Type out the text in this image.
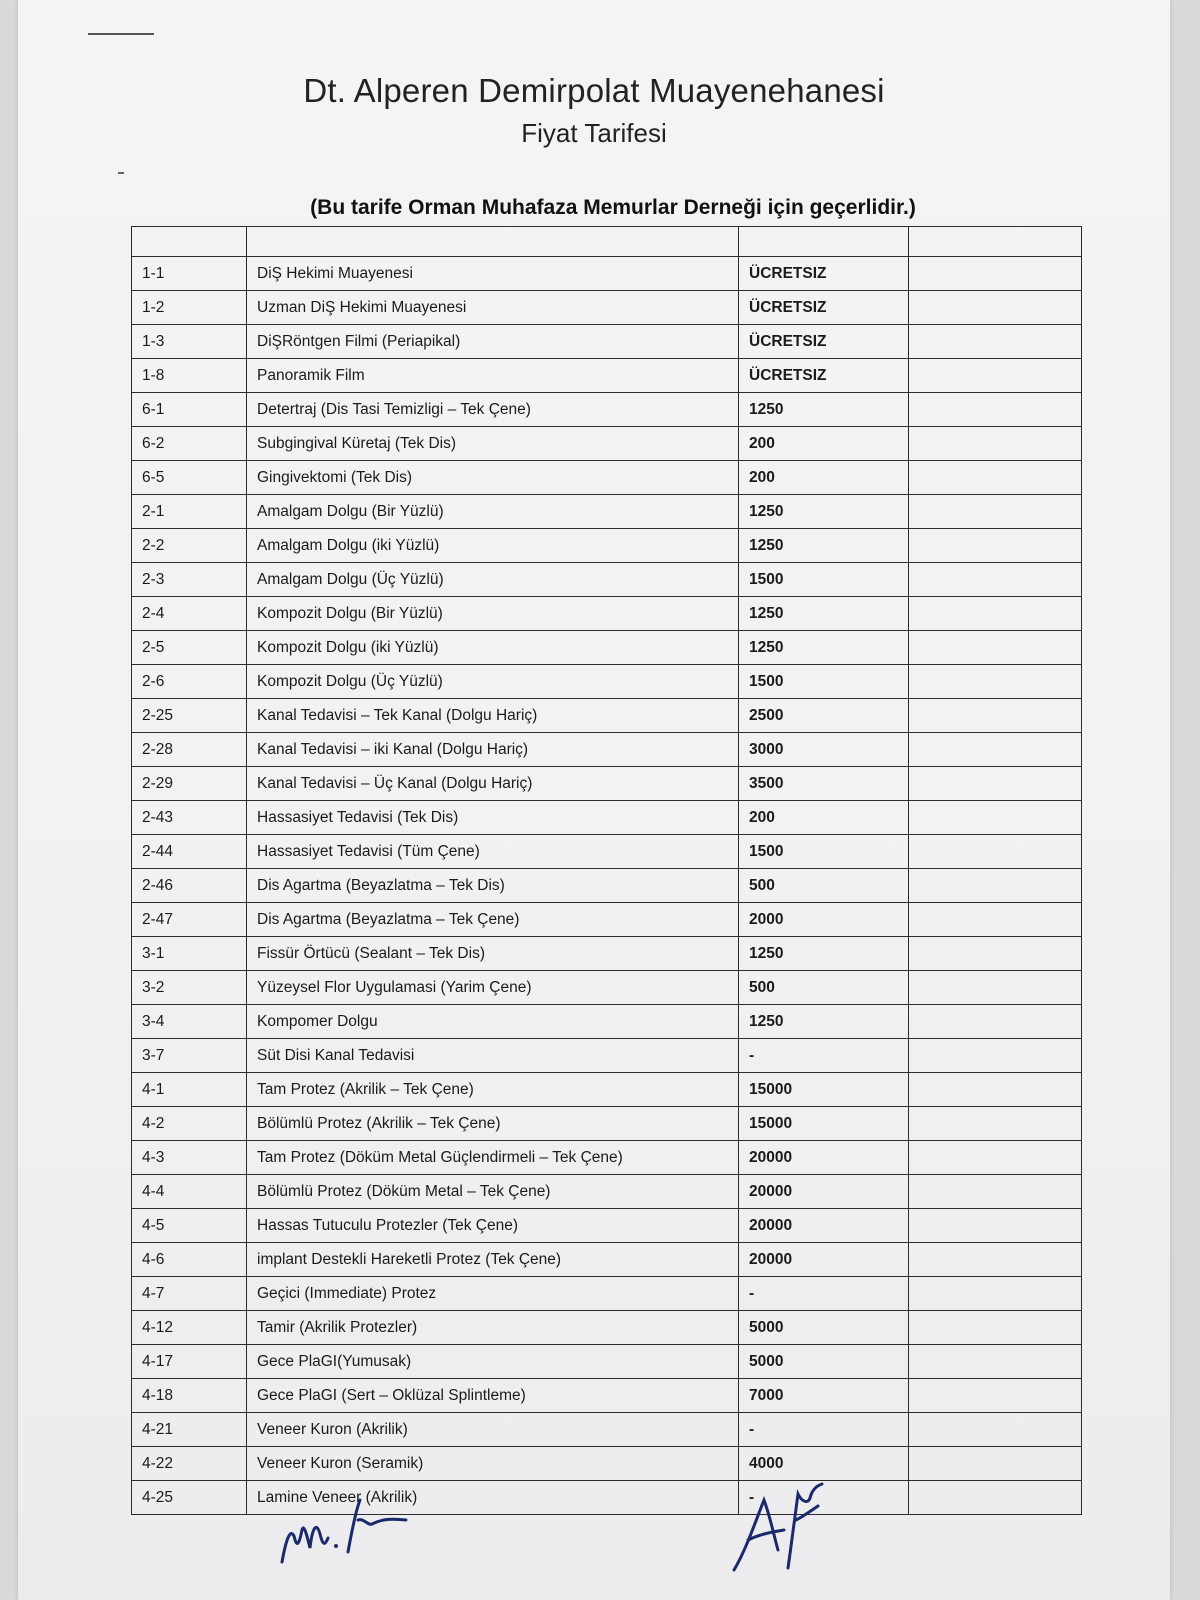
Dt. Alperen Demirpolat Muayenehanesi
Fiyat Tarifesi
(Bu tarife Orman Muhafaza Memurlar Derneği için geçerlidir.)

1-1	DiŞ Hekimi Muayenesi	ÜCRETSIZ	
1-2	Uzman DiŞ Hekimi Muayenesi	ÜCRETSIZ	
1-3	DiŞRöntgen Filmi (Periapikal)	ÜCRETSIZ	
1-8	Panoramik Film	ÜCRETSIZ	
6-1	Detertraj (Dis Tasi Temizligi – Tek Çene)	1250	
6-2	Subgingival Küretaj (Tek Dis)	200	
6-5	Gingivektomi (Tek Dis)	200	
2-1	Amalgam Dolgu (Bir Yüzlü)	1250	
2-2	Amalgam Dolgu (iki Yüzlü)	1250	
2-3	Amalgam Dolgu (Üç Yüzlü)	1500	
2-4	Kompozit Dolgu (Bir Yüzlü)	1250	
2-5	Kompozit Dolgu (iki Yüzlü)	1250	
2-6	Kompozit Dolgu (Üç Yüzlü)	1500	
2-25	Kanal Tedavisi – Tek Kanal (Dolgu Hariç)	2500	
2-28	Kanal Tedavisi – iki Kanal (Dolgu Hariç)	3000	
2-29	Kanal Tedavisi – Üç Kanal (Dolgu Hariç)	3500	
2-43	Hassasiyet Tedavisi (Tek Dis)	200	
2-44	Hassasiyet Tedavisi (Tüm Çene)	1500	
2-46	Dis Agartma (Beyazlatma – Tek Dis)	500	
2-47	Dis Agartma (Beyazlatma – Tek Çene)	2000	
3-1	Fissür Örtücü (Sealant – Tek Dis)	1250	
3-2	Yüzeysel Flor Uygulamasi (Yarim Çene)	500	
3-4	Kompomer Dolgu	1250	
3-7	Süt Disi Kanal Tedavisi	-	
4-1	Tam Protez (Akrilik – Tek Çene)	15000	
4-2	Bölümlü Protez (Akrilik – Tek Çene)	15000	
4-3	Tam Protez (Döküm Metal Güçlendirmeli – Tek Çene)	20000	
4-4	Bölümlü Protez (Döküm Metal – Tek Çene)	20000	
4-5	Hassas Tutuculu Protezler (Tek Çene)	20000	
4-6	implant Destekli Hareketli Protez (Tek Çene)	20000	
4-7	Geçici (Immediate) Protez	-	
4-12	Tamir (Akrilik Protezler)	5000	
4-17	Gece PlaGI(Yumusak)	5000	
4-18	Gece PlaGI (Sert – Oklüzal Splintleme)	7000	
4-21	Veneer Kuron (Akrilik)	-	
4-22	Veneer Kuron (Seramik)	4000	
4-25	Lamine Veneer (Akrilik)	-	
